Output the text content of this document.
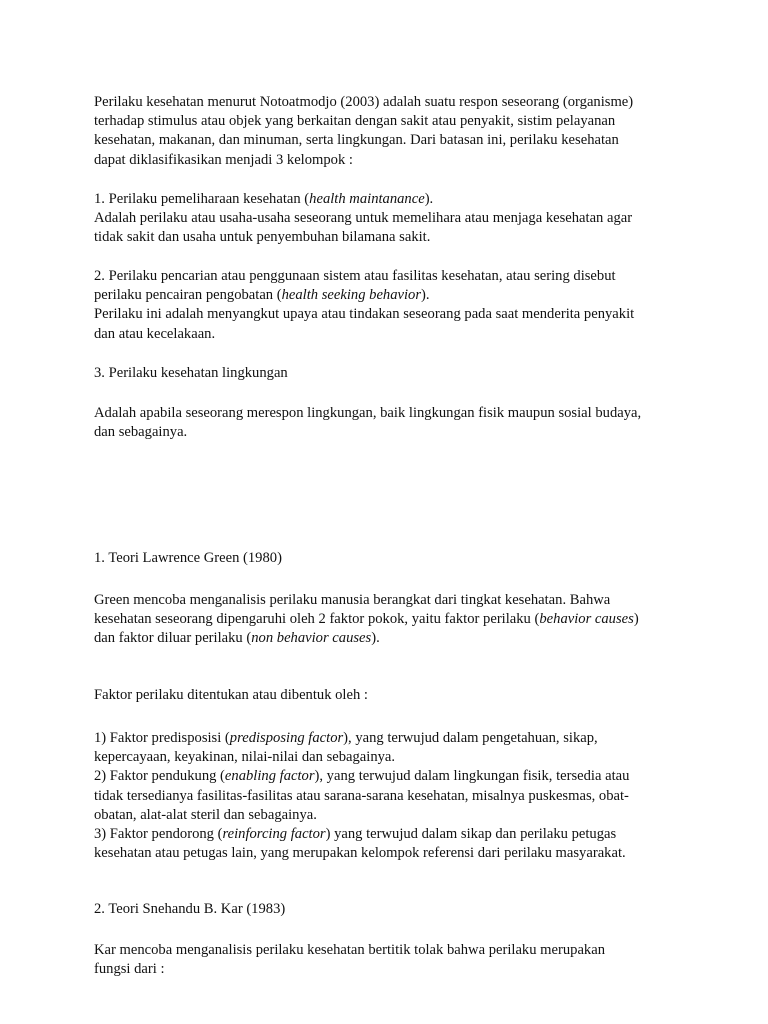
Perilaku kesehatan menurut Notoatmodjo (2003) adalah suatu respon seseorang (organisme)
terhadap stimulus atau objek yang berkaitan dengan sakit atau penyakit, sistim pelayanan
kesehatan, makanan, dan minuman, serta lingkungan. Dari batasan ini, perilaku kesehatan
dapat diklasifikasikan menjadi 3 kelompok :

1. Perilaku pemeliharaan kesehatan (health maintanance).
Adalah perilaku atau usaha-usaha seseorang untuk memelihara atau menjaga kesehatan agar
tidak sakit dan usaha untuk penyembuhan bilamana sakit.

2. Perilaku pencarian atau penggunaan sistem atau fasilitas kesehatan, atau sering disebut
perilaku pencairan pengobatan (health seeking behavior).
Perilaku ini adalah menyangkut upaya atau tindakan seseorang pada saat menderita penyakit
dan atau kecelakaan.

3. Perilaku kesehatan lingkungan

Adalah apabila seseorang merespon lingkungan, baik lingkungan fisik maupun sosial budaya,
dan sebagainya.

1. Teori Lawrence Green (1980)

Green mencoba menganalisis perilaku manusia berangkat dari tingkat kesehatan. Bahwa
kesehatan seseorang dipengaruhi oleh 2 faktor pokok, yaitu faktor perilaku (behavior causes)
dan faktor diluar perilaku (non behavior causes).

Faktor perilaku ditentukan atau dibentuk oleh :

1) Faktor predisposisi (predisposing factor), yang terwujud dalam pengetahuan, sikap,
kepercayaan, keyakinan, nilai-nilai dan sebagainya.
2) Faktor pendukung (enabling factor), yang terwujud dalam lingkungan fisik, tersedia atau
tidak tersedianya fasilitas-fasilitas atau sarana-sarana kesehatan, misalnya puskesmas, obat-
obatan, alat-alat steril dan sebagainya.
3) Faktor pendorong (reinforcing factor) yang terwujud dalam sikap dan perilaku petugas
kesehatan atau petugas lain, yang merupakan kelompok referensi dari perilaku masyarakat.

2. Teori Snehandu B. Kar (1983)

Kar mencoba menganalisis perilaku kesehatan bertitik tolak bahwa perilaku merupakan
fungsi dari :
